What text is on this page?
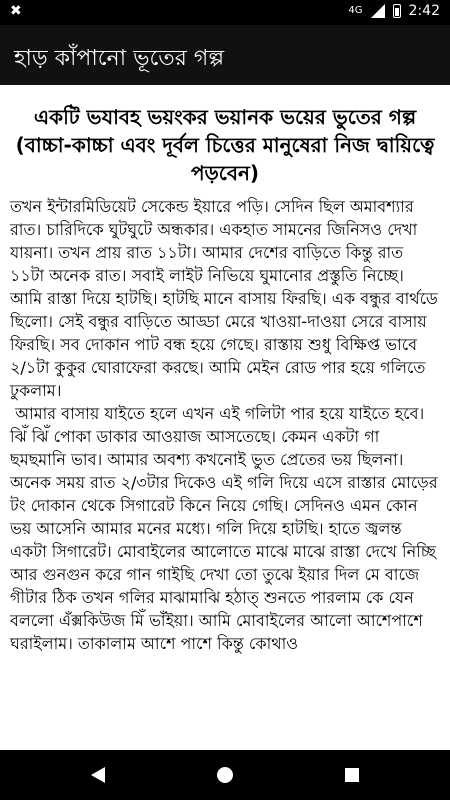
✖	4G	2:42
হাড় কাঁপানো ভূতের গল্প
একটি ভযাবহ ভয়ংকর ভয়ানক ভয়ের ভুতের গল্প (বাচ্চা-কাচ্চা এবং দূর্বল চিত্তের মানুষেরা নিজ দ্বায়িত্বে পড়বেন)
তখন ইন্টারমিডিয়েট সেকেন্ড ইয়ারে পড়ি। সেদিন ছিল অমাবশ্যার রাত। চারিদিকে ঘুটঘুটে অন্ধকার। একহাত সামনের জিনিসও দেখা যায়না। তখন প্রায় রাত ১১টা। আমার দেশের বাড়িতে কিন্তু রাত ১১টা অনেক রাত। সবাই লাইট নিভিয়ে ঘুমানোর প্রস্তুতি নিচ্ছে। আমি রাস্তা দিয়ে হাটছি। হাটছি মানে বাসায় ফিরছি। এক বন্ধুর বার্থডে ছিলো। সেই বন্ধুর বাড়িতে আড্ডা মেরে খাওয়া-দাওয়া সেরে বাসায় ফিরছি। সব দোকান পাট বন্ধ হয়ে গেছে। রাস্তায় শুধু বিক্ষিপ্ত ভাবে ২/১টা কুকুর ঘোরাফেরা করছে। আমি মেইন রোড পার হয়ে গলিতে ঢুকলাম।
আমার বাসায় যাইতে হলে এখন এই গলিটা পার হয়ে যাইতে হবে। ঝিঁ ঝিঁ পোকা ডাকার আওয়াজ আসতেছে। কেমন একটা গা ছমছমানি ভাব। আমার অবশ্য কখনোই ভুত প্রেতের ভয় ছিলনা। অনেক সময় রাত ২/৩টার দিকেও এই গলি দিয়ে এসে রাস্তার মোড়ের টং দোকান থেকে সিগারেট কিনে নিয়ে গেছি। সেদিনও এমন কোন ভয় আসেনি আমার মনের মধ্যে। গলি দিয়ে হাটছি। হাতে জ্বলন্ত একটা সিগারেট। মোবাইলের আলোতে মাঝে মাঝে রাস্তা দেখে নিচ্ছি আর গুনগুন করে গান গাইছি দেখা তো তুঝে ইয়ার দিল মে বাজে গীটার ঠিক তখন গলির মাঝামাঝি হঠাত্‍ শুনতে পারলাম কে যেন বললো এঁক্সকিউজ মিঁ ভাঁইয়া। আমি মোবাইলের আলো আশেপাশে ঘরাইলাম। তাকালাম আশে পাশে কিন্তু কোথাও
